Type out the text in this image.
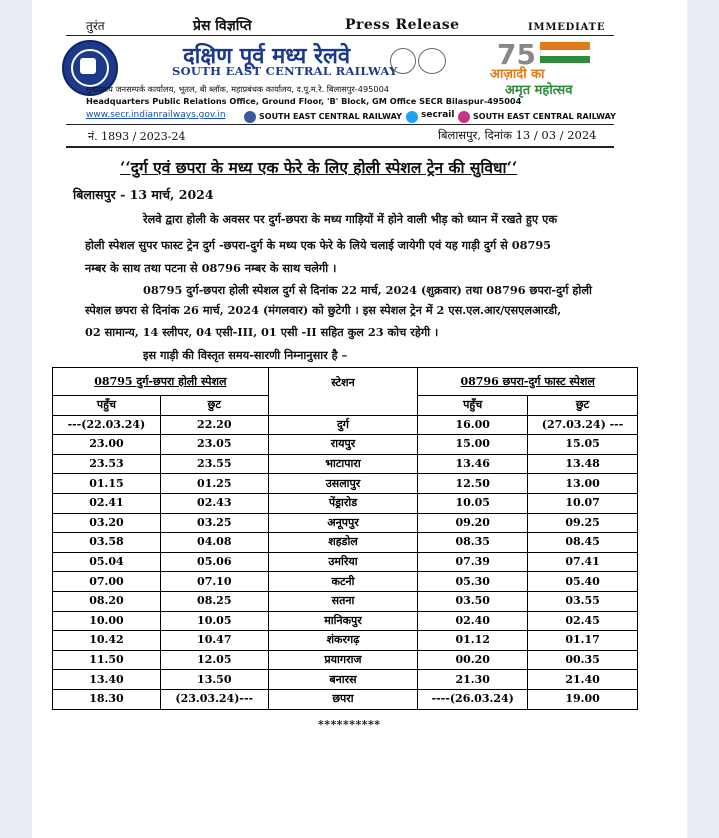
तुरंत	प्रेस विज्ञप्ति	Press Release	IMMEDIATE
दक्षिण पूर्व मध्य रेलवे
SOUTH EAST CENTRAL RAILWAY	75
आज़ादी का
अमृत महोत्सव
मुख्यालय जनसम्पर्क कार्यालय, भूतल, बी ब्लॉक, महाप्रबंधक कार्यालय, द.पू.म.रे. बिलासपुर-495004
Headquarters Public Relations Office, Ground Floor, 'B' Block, GM Office SECR Bilaspur-495004
www.secr.indianrailways.gov.in	SOUTH EAST CENTRAL RAILWAY secrail SOUTH EAST CENTRAL RAILWAY
नं. 1893 / 2023-24	बिलासपुर, दिनांक 13 / 03 / 2024
‘‘दुर्ग एवं छपरा के मध्य एक फेरे के लिए होली स्पेशल ट्रेन की सुविधा‘‘
बिलासपुर - 13 मार्च, 2024
रेलवे द्वारा होली के अवसर पर दुर्ग-छपरा के मध्य गाड़ियों में होने वाली भीड़ को ध्यान में रखते हुए एक
होली स्पेशल सुपर फास्ट ट्रेन दुर्ग -छपरा-दुर्ग के मध्य एक फेरे के लिये चलाई जायेगी एवं यह गाड़ी दुर्ग से 08795
नम्बर के साथ तथा पटना से 08796 नम्बर के साथ चलेगी ।
08795 दुर्ग-छपरा होली स्पेशल दुर्ग से दिनांक 22 मार्च, 2024 (शुक्रवार) तथा 08796 छपरा-दुर्ग होली
स्पेशल छपरा से दिनांक 26 मार्च, 2024 (मंगलवार) को छुटेगी । इस स्पेशल ट्रेन में 2 एस.एल.आर/एसएलआरडी,
02 सामान्य, 14 स्लीपर, 04 एसी-III, 01 एसी -II सहित कुल 23 कोच रहेगी ।
इस गाड़ी की विस्तृत समय-सारणी निम्नानुसार है –
08795 दुर्ग-छपरा होली स्पेशल		स्टेशन	08796 छपरा-दुर्ग फास्ट स्पेशल	
पहुँच	छुट		पहुँच	छुट
---(22.03.24)	22.20	दुर्ग	16.00	(27.03.24) ---
23.00	23.05	रायपुर	15.00	15.05
23.53	23.55	भाटापारा	13.46	13.48
01.15	01.25	उसलापुर	12.50	13.00
02.41	02.43	पेंड्रारोड	10.05	10.07
03.20	03.25	अनूपपुर	09.20	09.25
03.58	04.08	शहडोल	08.35	08.45
05.04	05.06	उमरिया	07.39	07.41
07.00	07.10	कटनी	05.30	05.40
08.20	08.25	सतना	03.50	03.55
10.00	10.05	मानिकपुर	02.40	02.45
10.42	10.47	शंकरगढ़	01.12	01.17
11.50	12.05	प्रयागराज	00.20	00.35
13.40	13.50	बनारस	21.30	21.40
18.30	(23.03.24)---	छपरा	----(26.03.24)	19.00
**********
